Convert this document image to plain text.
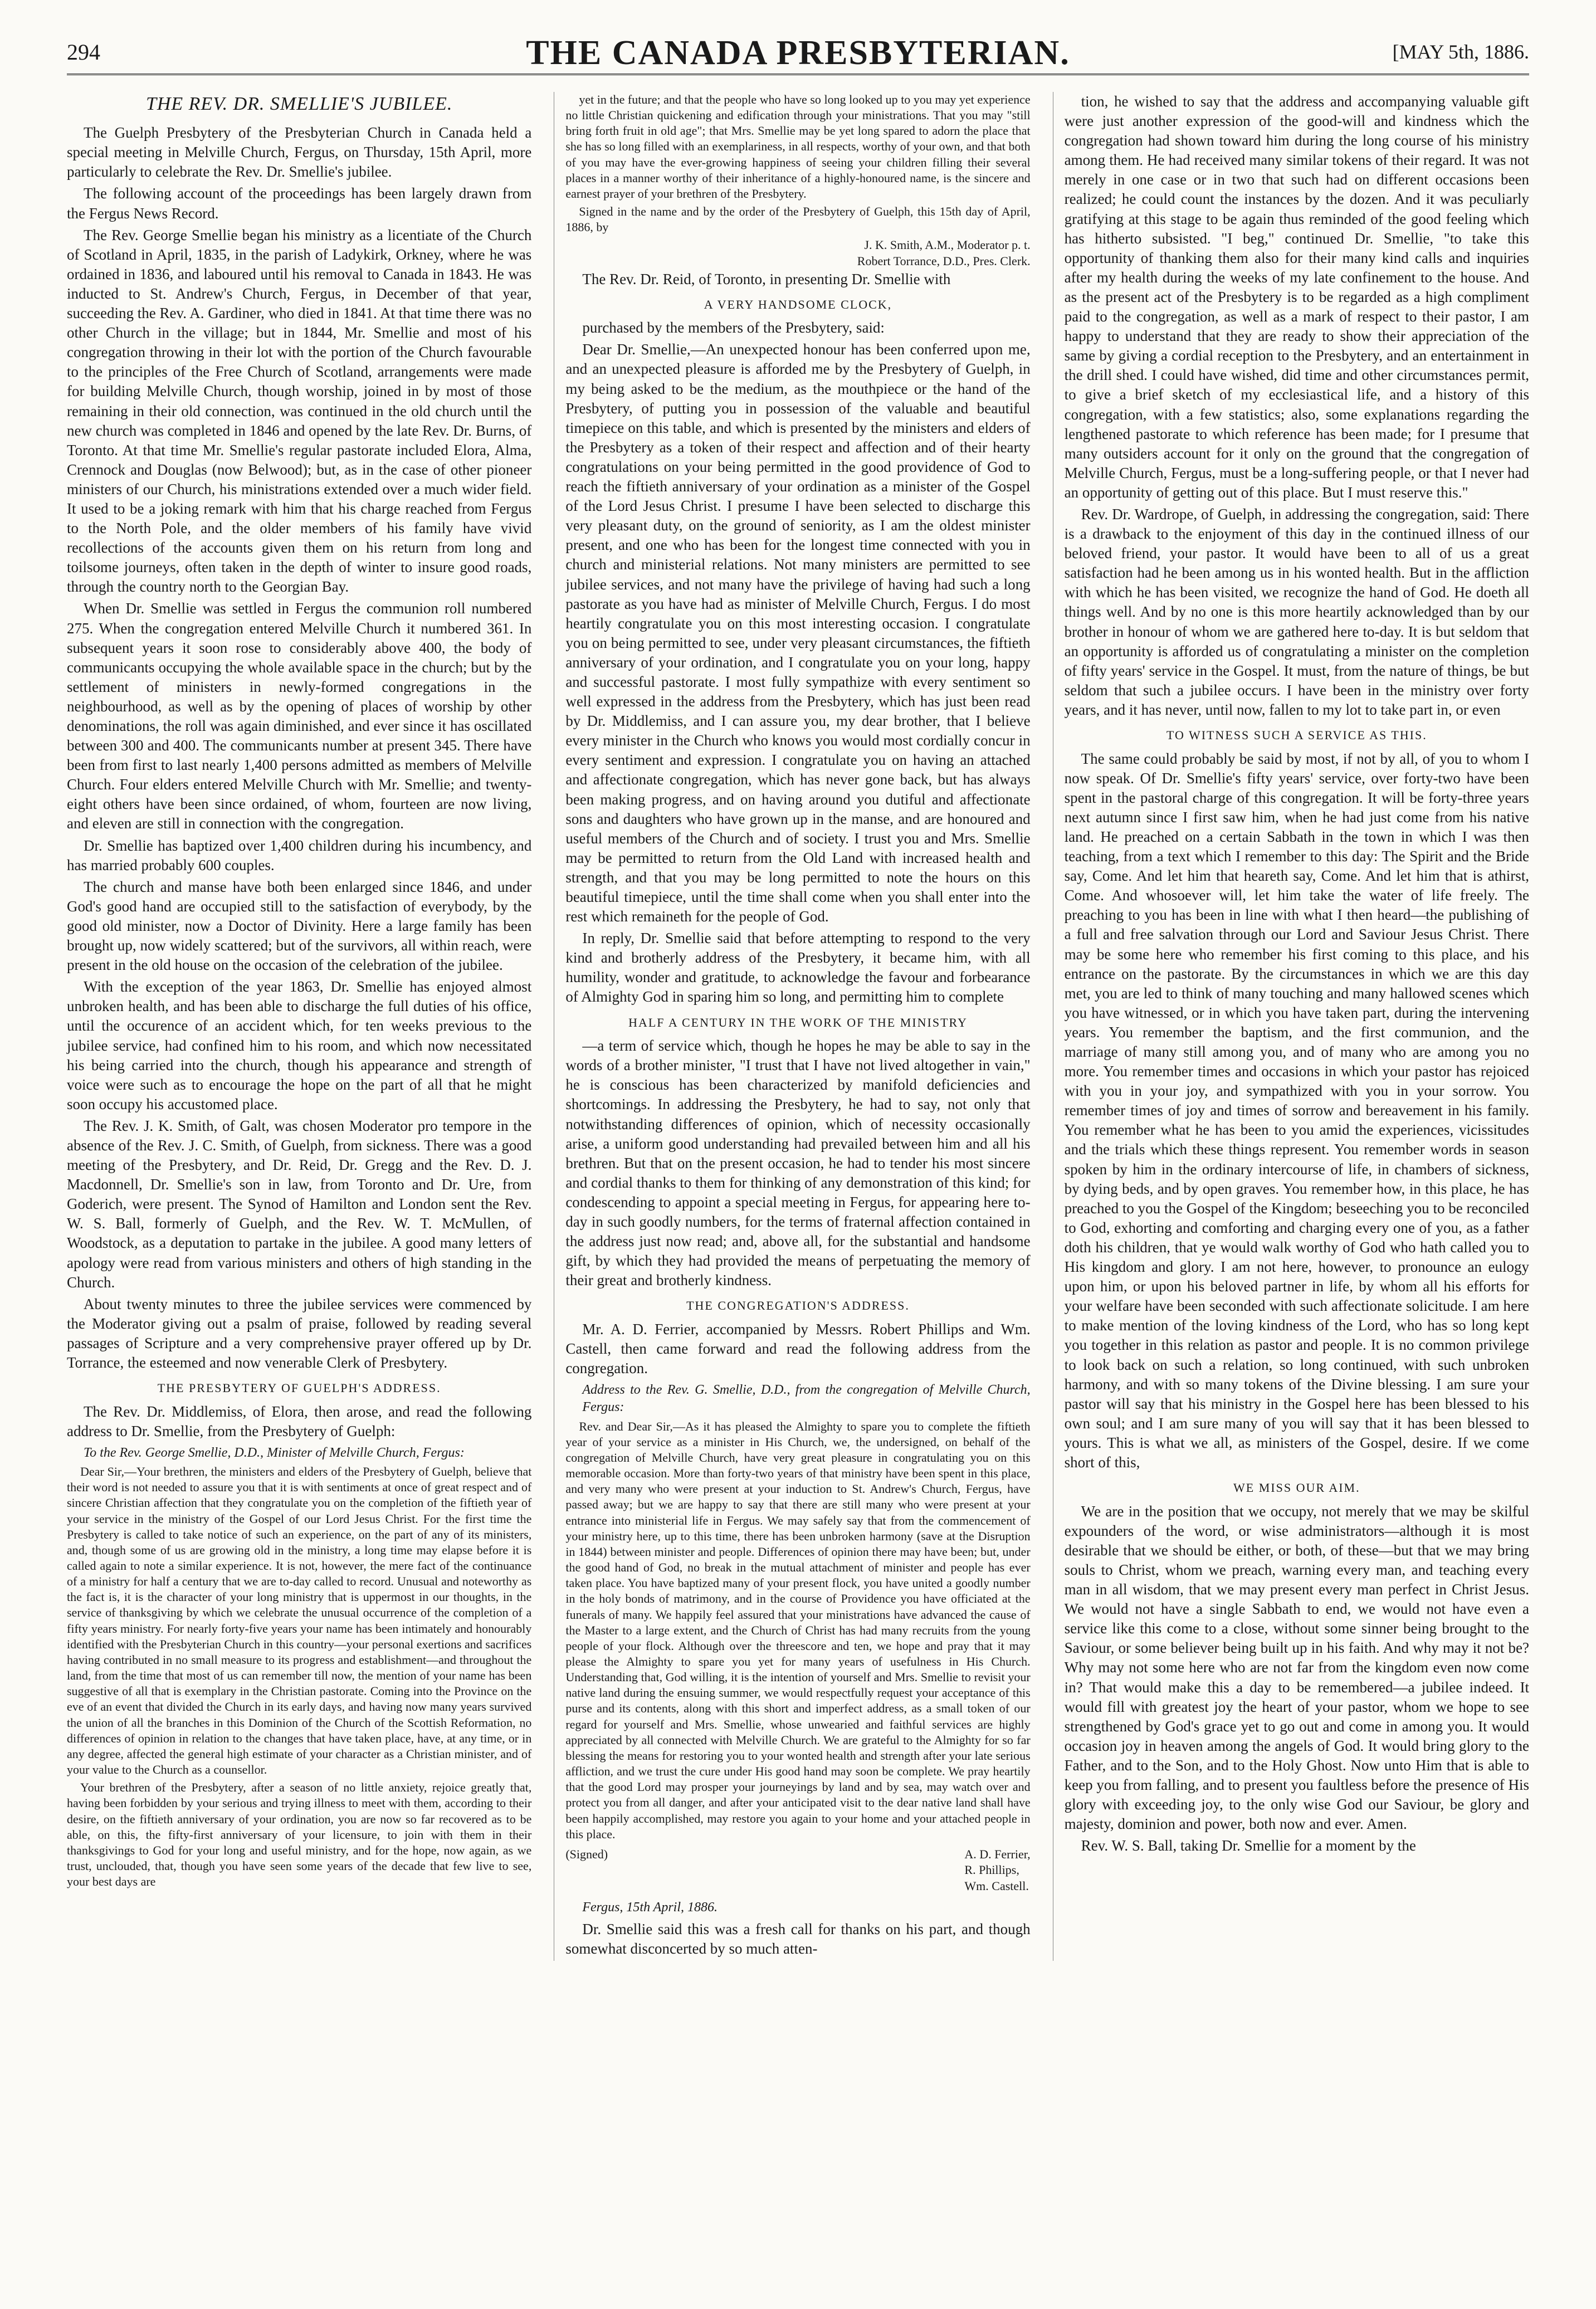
294	THE CANADA PRESBYTERIAN.	[MAY 5th, 1886.
THE REV. DR. SMELLIE'S JUBILEE.

The Guelph Presbytery of the Presbyterian Church in Canada held a special meeting in Melville Church, Fergus, on Thursday, 15th April, more particularly to celebrate the Rev. Dr. Smellie's jubilee.

The following account of the proceedings has been largely drawn from the Fergus News Record.

The Rev. George Smellie began his ministry as a licentiate of the Church of Scotland in April, 1835, in the parish of Ladykirk, Orkney, where he was ordained in 1836, and laboured until his removal to Canada in 1843. He was inducted to St. Andrew's Church, Fergus, in December of that year, succeeding the Rev. A. Gardiner, who died in 1841. At that time there was no other Church in the village; but in 1844, Mr. Smellie and most of his congregation throwing in their lot with the portion of the Church favourable to the principles of the Free Church of Scotland, arrangements were made for building Melville Church, though worship, joined in by most of those remaining in their old connection, was continued in the old church until the new church was completed in 1846 and opened by the late Rev. Dr. Burns, of Toronto. At that time Mr. Smellie's regular pastorate included Elora, Alma, Crennock and Douglas (now Belwood); but, as in the case of other pioneer ministers of our Church, his ministrations extended over a much wider field. It used to be a joking remark with him that his charge reached from Fergus to the North Pole, and the older members of his family have vivid recollections of the accounts given them on his return from long and toilsome journeys, often taken in the depth of winter to insure good roads, through the country north to the Georgian Bay.

When Dr. Smellie was settled in Fergus the communion roll numbered 275. When the congregation entered Melville Church it numbered 361. In subsequent years it soon rose to considerably above 400, the body of communicants occupying the whole available space in the church; but by the settlement of ministers in newly-formed congregations in the neighbourhood, as well as by the opening of places of worship by other denominations, the roll was again diminished, and ever since it has oscillated between 300 and 400. The communicants number at present 345. There have been from first to last nearly 1,400 persons admitted as members of Melville Church. Four elders entered Melville Church with Mr. Smellie; and twenty-eight others have been since ordained, of whom, fourteen are now living, and eleven are still in connection with the congregation.

Dr. Smellie has baptized over 1,400 children during his incumbency, and has married probably 600 couples.

The church and manse have both been enlarged since 1846, and under God's good hand are occupied still to the satisfaction of everybody, by the good old minister, now a Doctor of Divinity. Here a large family has been brought up, now widely scattered; but of the survivors, all within reach, were present in the old house on the occasion of the celebration of the jubilee.

With the exception of the year 1863, Dr. Smellie has enjoyed almost unbroken health, and has been able to discharge the full duties of his office, until the occurence of an accident which, for ten weeks previous to the jubilee service, had confined him to his room, and which now necessitated his being carried into the church, though his appearance and strength of voice were such as to encourage the hope on the part of all that he might soon occupy his accustomed place.

The Rev. J. K. Smith, of Galt, was chosen Moderator pro tempore in the absence of the Rev. J. C. Smith, of Guelph, from sickness. There was a good meeting of the Presbytery, and Dr. Reid, Dr. Gregg and the Rev. D. J. Macdonnell, Dr. Smellie's son in law, from Toronto and Dr. Ure, from Goderich, were present. The Synod of Hamilton and London sent the Rev. W. S. Ball, formerly of Guelph, and the Rev. W. T. McMullen, of Woodstock, as a deputation to partake in the jubilee. A good many letters of apology were read from various ministers and others of high standing in the Church.

About twenty minutes to three the jubilee services were commenced by the Moderator giving out a psalm of praise, followed by reading several passages of Scripture and a very comprehensive prayer offered up by Dr. Torrance, the esteemed and now venerable Clerk of Presbytery.

THE PRESBYTERY OF GUELPH'S ADDRESS.

The Rev. Dr. Middlemiss, of Elora, then arose, and read the following address to Dr. Smellie, from the Presbytery of Guelph:

To the Rev. George Smellie, D.D., Minister of Melville Church, Fergus:

Dear Sir,—Your brethren, the ministers and elders of the Presbytery of Guelph, believe that their word is not needed to assure you that it is with sentiments at once of great respect and of sincere Christian affection that they congratulate you on the completion of the fiftieth year of your service in the ministry of the Gospel of our Lord Jesus Christ. For the first time the Presbytery is called to take notice of such an experience, on the part of any of its ministers, and, though some of us are growing old in the ministry, a long time may elapse before it is called again to note a similar experience. It is not, however, the mere fact of the continuance of a ministry for half a century that we are to-day called to record. Unusual and noteworthy as the fact is, it is the character of your long ministry that is uppermost in our thoughts, in the service of thanksgiving by which we celebrate the unusual occurrence of the completion of a fifty years ministry. For nearly forty-five years your name has been intimately and honourably identified with the Presbyterian Church in this country—your personal exertions and sacrifices having contributed in no small measure to its progress and establishment—and throughout the land, from the time that most of us can remember till now, the mention of your name has been suggestive of all that is exemplary in the Christian pastorate. Coming into the Province on the eve of an event that divided the Church in its early days, and having now many years survived the union of all the branches in this Dominion of the Church of the Scottish Reformation, no differences of opinion in relation to the changes that have taken place, have, at any time, or in any degree, affected the general high estimate of your character as a Christian minister, and of your value to the Church as a counsellor.

Your brethren of the Presbytery, after a season of no little anxiety, rejoice greatly that, having been forbidden by your serious and trying illness to meet with them, according to their desire, on the fiftieth anniversary of your ordination, you are now so far recovered as to be able, on this, the fifty-first anniversary of your licensure, to join with them in their thanksgivings to God for your long and useful ministry, and for the hope, now again, as we trust, unclouded, that, though you have seen some years of the decade that few live to see, your best days are

yet in the future; and that the people who have so long looked up to you may yet experience no little Christian quickening and edification through your ministrations. That you may "still bring forth fruit in old age"; that Mrs. Smellie may be yet long spared to adorn the place that she has so long filled with an exemplariness, in all respects, worthy of your own, and that both of you may have the ever-growing happiness of seeing your children filling their several places in a manner worthy of their inheritance of a highly-honoured name, is the sincere and earnest prayer of your brethren of the Presbytery.

Signed in the name and by the order of the Presbytery of Guelph, this 15th day of April, 1886, by

J. K. Smith, A.M., Moderator p. t.
Robert Torrance, D.D., Pres. Clerk.

The Rev. Dr. Reid, of Toronto, in presenting Dr. Smellie with

A VERY HANDSOME CLOCK,

purchased by the members of the Presbytery, said:

Dear Dr. Smellie,—An unexpected honour has been conferred upon me, and an unexpected pleasure is afforded me by the Presbytery of Guelph, in my being asked to be the medium, as the mouthpiece or the hand of the Presbytery, of putting you in possession of the valuable and beautiful timepiece on this table, and which is presented by the ministers and elders of the Presbytery as a token of their respect and affection and of their hearty congratulations on your being permitted in the good providence of God to reach the fiftieth anniversary of your ordination as a minister of the Gospel of the Lord Jesus Christ. I presume I have been selected to discharge this very pleasant duty, on the ground of seniority, as I am the oldest minister present, and one who has been for the longest time connected with you in church and ministerial relations. Not many ministers are permitted to see jubilee services, and not many have the privilege of having had such a long pastorate as you have had as minister of Melville Church, Fergus. I do most heartily congratulate you on this most interesting occasion. I congratulate you on being permitted to see, under very pleasant circumstances, the fiftieth anniversary of your ordination, and I congratulate you on your long, happy and successful pastorate. I most fully sympathize with every sentiment so well expressed in the address from the Presbytery, which has just been read by Dr. Middlemiss, and I can assure you, my dear brother, that I believe every minister in the Church who knows you would most cordially concur in every sentiment and expression. I congratulate you on having an attached and affectionate congregation, which has never gone back, but has always been making progress, and on having around you dutiful and affectionate sons and daughters who have grown up in the manse, and are honoured and useful members of the Church and of society. I trust you and Mrs. Smellie may be permitted to return from the Old Land with increased health and strength, and that you may be long permitted to note the hours on this beautiful timepiece, until the time shall come when you shall enter into the rest which remaineth for the people of God.

In reply, Dr. Smellie said that before attempting to respond to the very kind and brotherly address of the Presbytery, it became him, with all humility, wonder and gratitude, to acknowledge the favour and forbearance of Almighty God in sparing him so long, and permitting him to complete

HALF A CENTURY IN THE WORK OF THE MINISTRY

—a term of service which, though he hopes he may be able to say in the words of a brother minister, "I trust that I have not lived altogether in vain," he is conscious has been characterized by manifold deficiencies and shortcomings. In addressing the Presbytery, he had to say, not only that notwithstanding differences of opinion, which of necessity occasionally arise, a uniform good understanding had prevailed between him and all his brethren. But that on the present occasion, he had to tender his most sincere and cordial thanks to them for thinking of any demonstration of this kind; for condescending to appoint a special meeting in Fergus, for appearing here to-day in such goodly numbers, for the terms of fraternal affection contained in the address just now read; and, above all, for the substantial and handsome gift, by which they had provided the means of perpetuating the memory of their great and brotherly kindness.

THE CONGREGATION'S ADDRESS.

Mr. A. D. Ferrier, accompanied by Messrs. Robert Phillips and Wm. Castell, then came forward and read the following address from the congregation.

Address to the Rev. G. Smellie, D.D., from the congregation of Melville Church, Fergus:

Rev. and Dear Sir,—As it has pleased the Almighty to spare you to complete the fiftieth year of your service as a minister in His Church, we, the undersigned, on behalf of the congregation of Melville Church, have very great pleasure in congratulating you on this memorable occasion. More than forty-two years of that ministry have been spent in this place, and very many who were present at your induction to St. Andrew's Church, Fergus, have passed away; but we are happy to say that there are still many who were present at your entrance into ministerial life in Fergus. We may safely say that from the commencement of your ministry here, up to this time, there has been unbroken harmony (save at the Disruption in 1844) between minister and people. Differences of opinion there may have been; but, under the good hand of God, no break in the mutual attachment of minister and people has ever taken place. You have baptized many of your present flock, you have united a goodly number in the holy bonds of matrimony, and in the course of Providence you have officiated at the funerals of many. We happily feel assured that your ministrations have advanced the cause of the Master to a large extent, and the Church of Christ has had many recruits from the young people of your flock. Although over the threescore and ten, we hope and pray that it may please the Almighty to spare you yet for many years of usefulness in His Church. Understanding that, God willing, it is the intention of yourself and Mrs. Smellie to revisit your native land during the ensuing summer, we would respectfully request your acceptance of this purse and its contents, along with this short and imperfect address, as a small token of our regard for yourself and Mrs. Smellie, whose unwearied and faithful services are highly appreciated by all connected with Melville Church. We are grateful to the Almighty for so far blessing the means for restoring you to your wonted health and strength after your late serious affliction, and we trust the cure under His good hand may soon be complete. We pray heartily that the good Lord may prosper your journeyings by land and by sea, may watch over and protect you from all danger, and after your anticipated visit to the dear native land shall have been happily accomplished, may restore you again to your home and your attached people in this place.

(Signed)	A. D. Ferrier,
R. Phillips,
Wm. Castell.
Fergus, 15th April, 1886.

Dr. Smellie said this was a fresh call for thanks on his part, and though somewhat disconcerted by so much atten-

tion, he wished to say that the address and accompanying valuable gift were just another expression of the good-will and kindness which the congregation had shown toward him during the long course of his ministry among them. He had received many similar tokens of their regard. It was not merely in one case or in two that such had on different occasions been realized; he could count the instances by the dozen. And it was peculiarly gratifying at this stage to be again thus reminded of the good feeling which has hitherto subsisted. "I beg," continued Dr. Smellie, "to take this opportunity of thanking them also for their many kind calls and inquiries after my health during the weeks of my late confinement to the house. And as the present act of the Presbytery is to be regarded as a high compliment paid to the congregation, as well as a mark of respect to their pastor, I am happy to understand that they are ready to show their appreciation of the same by giving a cordial reception to the Presbytery, and an entertainment in the drill shed. I could have wished, did time and other circumstances permit, to give a brief sketch of my ecclesiastical life, and a history of this congregation, with a few statistics; also, some explanations regarding the lengthened pastorate to which reference has been made; for I presume that many outsiders account for it only on the ground that the congregation of Melville Church, Fergus, must be a long-suffering people, or that I never had an opportunity of getting out of this place. But I must reserve this."

Rev. Dr. Wardrope, of Guelph, in addressing the congregation, said: There is a drawback to the enjoyment of this day in the continued illness of our beloved friend, your pastor. It would have been to all of us a great satisfaction had he been among us in his wonted health. But in the affliction with which he has been visited, we recognize the hand of God. He doeth all things well. And by no one is this more heartily acknowledged than by our brother in honour of whom we are gathered here to-day. It is but seldom that an opportunity is afforded us of congratulating a minister on the completion of fifty years' service in the Gospel. It must, from the nature of things, be but seldom that such a jubilee occurs. I have been in the ministry over forty years, and it has never, until now, fallen to my lot to take part in, or even

TO WITNESS SUCH A SERVICE AS THIS.

The same could probably be said by most, if not by all, of you to whom I now speak. Of Dr. Smellie's fifty years' service, over forty-two have been spent in the pastoral charge of this congregation. It will be forty-three years next autumn since I first saw him, when he had just come from his native land. He preached on a certain Sabbath in the town in which I was then teaching, from a text which I remember to this day: The Spirit and the Bride say, Come. And let him that heareth say, Come. And let him that is athirst, Come. And whosoever will, let him take the water of life freely. The preaching to you has been in line with what I then heard—the publishing of a full and free salvation through our Lord and Saviour Jesus Christ. There may be some here who remember his first coming to this place, and his entrance on the pastorate. By the circumstances in which we are this day met, you are led to think of many touching and many hallowed scenes which you have witnessed, or in which you have taken part, during the intervening years. You remember the baptism, and the first communion, and the marriage of many still among you, and of many who are among you no more. You remember times and occasions in which your pastor has rejoiced with you in your joy, and sympathized with you in your sorrow. You remember times of joy and times of sorrow and bereavement in his family. You remember what he has been to you amid the experiences, vicissitudes and the trials which these things represent. You remember words in season spoken by him in the ordinary intercourse of life, in chambers of sickness, by dying beds, and by open graves. You remember how, in this place, he has preached to you the Gospel of the Kingdom; beseeching you to be reconciled to God, exhorting and comforting and charging every one of you, as a father doth his children, that ye would walk worthy of God who hath called you to His kingdom and glory. I am not here, however, to pronounce an eulogy upon him, or upon his beloved partner in life, by whom all his efforts for your welfare have been seconded with such affectionate solicitude. I am here to make mention of the loving kindness of the Lord, who has so long kept you together in this relation as pastor and people. It is no common privilege to look back on such a relation, so long continued, with such unbroken harmony, and with so many tokens of the Divine blessing. I am sure your pastor will say that his ministry in the Gospel here has been blessed to his own soul; and I am sure many of you will say that it has been blessed to yours. This is what we all, as ministers of the Gospel, desire. If we come short of this,

WE MISS OUR AIM.

We are in the position that we occupy, not merely that we may be skilful expounders of the word, or wise administrators—although it is most desirable that we should be either, or both, of these—but that we may bring souls to Christ, whom we preach, warning every man, and teaching every man in all wisdom, that we may present every man perfect in Christ Jesus. We would not have a single Sabbath to end, we would not have even a service like this come to a close, without some sinner being brought to the Saviour, or some believer being built up in his faith. And why may it not be? Why may not some here who are not far from the kingdom even now come in? That would make this a day to be remembered—a jubilee indeed. It would fill with greatest joy the heart of your pastor, whom we hope to see strengthened by God's grace yet to go out and come in among you. It would occasion joy in heaven among the angels of God. It would bring glory to the Father, and to the Son, and to the Holy Ghost. Now unto Him that is able to keep you from falling, and to present you faultless before the presence of His glory with exceeding joy, to the only wise God our Saviour, be glory and majesty, dominion and power, both now and ever. Amen.

Rev. W. S. Ball, taking Dr. Smellie for a moment by the
